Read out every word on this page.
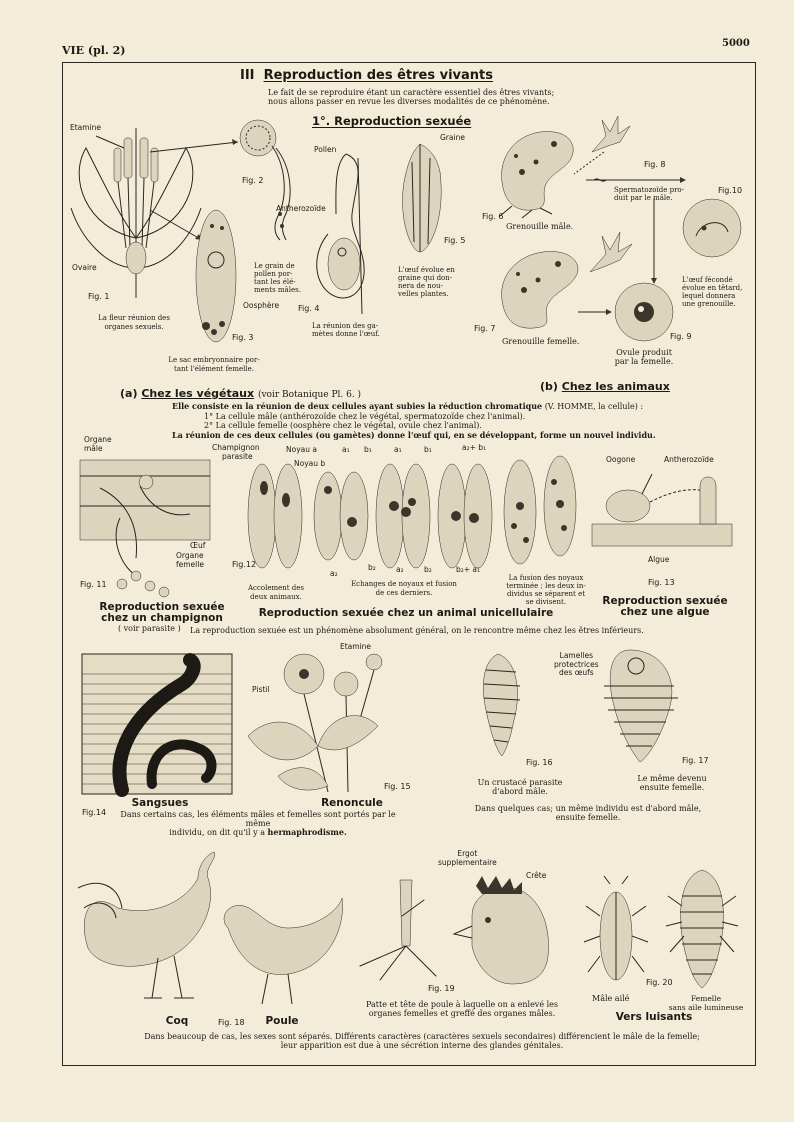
VIE (pl. 2)
5000
III Reproduction des êtres vivants
Le fait de se reproduire étant un caractère essentiel des êtres vivants;
nous allons passer en revue les diverses modalités de ce phénomène.
1°. Reproduction sexuée
Etamine
Ovaire
Fig. 1
La fleur réunion des
organes sexuels.
Fig. 2
Antherozoïde
Le grain de
pollen por-
tant les élé-
ments mâles.
Oosphère
Fig. 3
Le sac embryonnaire por-
tant l'élément femelle.
Pollen
Fig. 4
La réunion des ga-
mètes donne l'œuf.
Graine
Fig. 5
L'œuf évolue en
graine qui don-
nera de nou-
velles plantes.
Fig. 6
Grenouille mâle.
Fig. 8
Spermatozoïde pro-
duit par le mâle.
Fig.10
L'œuf fécondé
évolue en têtard,
lequel donnera
une grenouille.
Fig. 7
Grenouille femelle.
Fig. 9
Ovule produit
par la femelle.
(a) Chez les végétaux (voir Botanique Pl. 6. )
(b) Chez les animaux
Elle consiste en la réunion de deux cellules ayant subies la réduction chromatique (V. HOMME, la cellule) :
1° La cellule mâle (anthérozoïde chez le végétal, spermatozoïde chez l'animal).
2° La cellule femelle (oosphère chez le végétal, ovule chez l'animal).
La réunion de ces deux cellules (ou gamètes) donne l'œuf qui, en se développant, forme un nouvel individu.
Organe
mâle	Champignon
parasite
Œuf
Organe
femelle
Fig. 11
Reproduction sexuée
chez un champignon
( voir parasite )
Noyau a
Noyau b
a₁ b₁	a₁	b₁	a₂+ b₁
a₂
b₂	a₂	b₂	b₂+ a₁
Fig.12
Accolement des
deux animaux.
Echanges de noyaux et fusion
de ces derniers.
La fusion des noyaux
terminée ; les deux in-
dividus se séparent et
se divisent.
Reproduction sexuée chez un animal unicellulaire
Oogone	Antherozoïde
Algue
Fig. 13
Reproduction sexuée
chez une algue
La reproduction sexuée est un phénomène absolument général, on le rencontre même chez les êtres inférieurs.
Sangsues
Fig.14	Dans certains cas, les éléments mâles et femelles sont portés par le même
individu, on dit qu'il y a hermaphrodisme.
Etamine
Pistil
Fig. 15
Renoncule
Fig. 16
Un crustacé parasite
d'abord mâle.
Lamelles
protectrices
des œufs
Fig. 17
Le même devenu
ensuite femelle.
Dans quelques cas; un même individu est d'abord mâle,
ensuite femelle.
Coq	Fig. 18 Poule
Ergot
supplementaire
Crête
Fig. 19
Patte et tête de poule à laquelle on a enlevé les
organes femelles et greffé des organes mâles.
Fig. 20
Mâle ailé	Femelle
sans aile lumineuse
Vers luisants
Dans beaucoup de cas, les sexes sont séparés. Différents caractères (caractères sexuels secondaires) différencient le mâle de la femelle;
leur apparition est due à une sécrétion interne des glandes génitales.
